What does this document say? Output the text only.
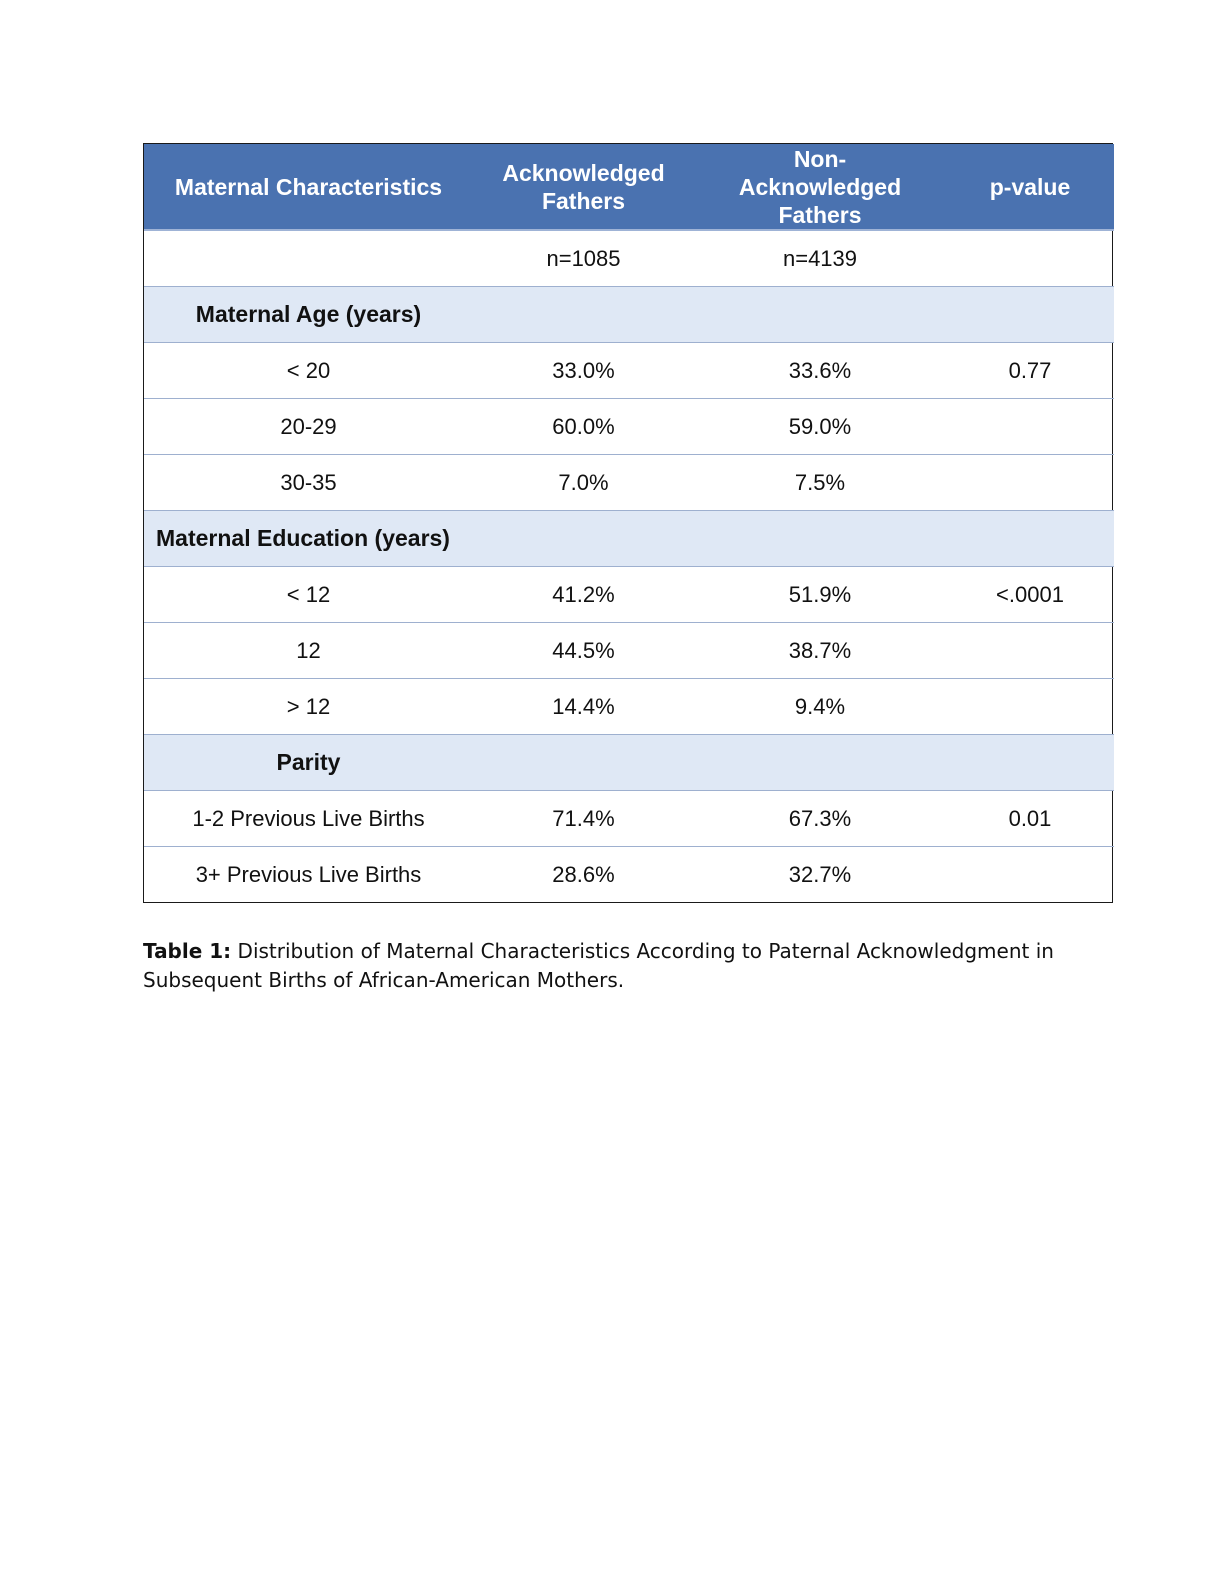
Maternal Characteristics	Acknowledged Fathers	Non-Acknowledged Fathers	p-value
	n=1085	n=4139	
Maternal Age (years)			
< 20	33.0%	33.6%	0.77
20-29	60.0%	59.0%	
30-35	7.0%	7.5%	
Maternal Education (years)			
< 12	41.2%	51.9%	<.0001
12	44.5%	38.7%	
> 12	14.4%	9.4%	
Parity			
1-2 Previous Live Births	71.4%	67.3%	0.01
3+ Previous Live Births	28.6%	32.7%	
Table 1: Distribution of Maternal Characteristics According to Paternal Acknowledgment in Subsequent Births of African-American Mothers.
